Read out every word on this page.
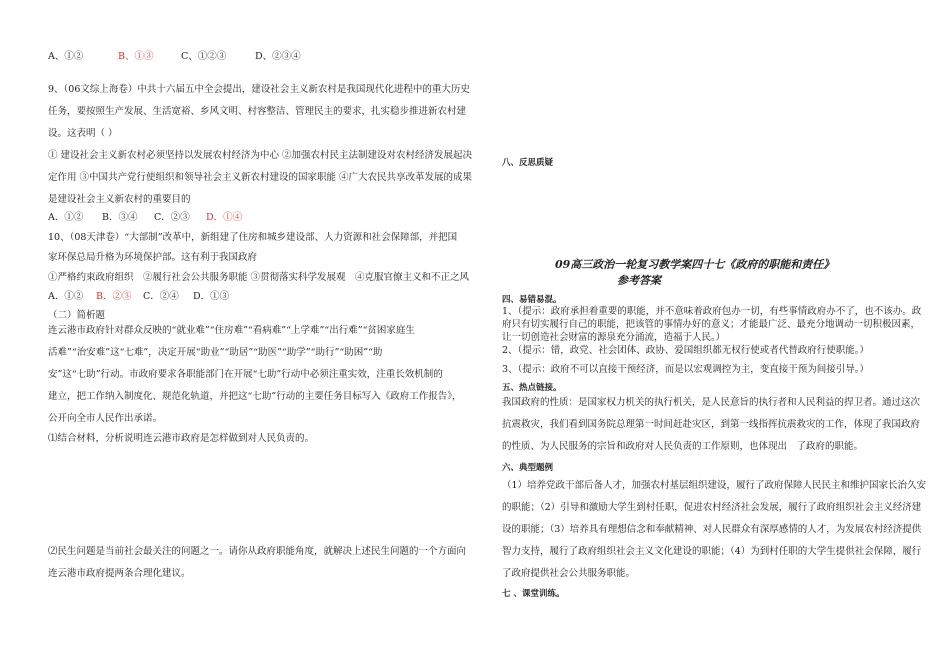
A、①②	B、①③	C、①②③	D、②③④
9、（06文综上海卷）中共十六届五中全会提出，建设社会主义新农村是我国现代化进程中的重大历史
任务，要按照生产发展、生活宽裕、乡风文明、村容整洁、管理民主的要求，扎实稳步推进新农村建
设。这表明（ ）
① 建设社会主义新农村必须坚持以发展农村经济为中心 ②加强农村民主法制建设对农村经济发展起决
定作用 ③中国共产党行使组织和领导社会主义新农村建设的国家职能 ④广大农民共享改革发展的成果
是建设社会主义新农村的重要目的
A．①② B．③④ C．②③ D．①④
10、（08天津卷）“大部制”改革中，新组建了住房和城乡建设部、人力资源和社会保障部，并把国
家环保总局升格为环境保护部。这有利于我国政府
①严格约束政府组织　②履行社会公共服务职能 ③贯彻落实科学发展观　④克服官僚主义和不正之风
A．①② B．②③ C．②④ D．①③
（二）简析题
连云港市政府针对群众反映的“就业难”“住房难”“看病难”“上学难”“出行难”“贫困家庭生
活难”“治安难”这“七难”，决定开展“助业”“助居”“助医”“助学”“助行”“助困”“助
安”这“七助”行动。市政府要求各职能部门在开展“七助”行动中必须注重实效，注重长效机制的
建立，把工作纳入制度化、规范化轨道，并把这“七助”行动的主要任务目标写入《政府工作报告》，
公开向全市人民作出承诺。
⑴结合材料，分析说明连云港市政府是怎样做到对人民负责的。
⑵民生问题是当前社会最关注的问题之一。请你从政府职能角度，就解决上述民生问题的一个方面向
连云港市政府提两条合理化建议。
八、反思质疑
09高三政治一轮复习教学案四十七《政府的职能和责任》
参考答案
四、易错易混。
1、（提示：政府承担着重要的职能，并不意味着政府包办一切，有些事情政府办不了，也不该办。政
府只有切实履行自己的职能，把该管的事情办好的意义；才能最广泛、最充分地调动一切积极因素，
让一切创造社会财富的源泉充分涌流，造福于人民。）
2、（提示：错，政党、社会团体、政协、爱国组织都无权行使或者代替政府行使职能。）
3、（提示：政府不可以直接干预经济，而是以宏观调控为主，变直接干预为间接引导。）
五、热点链接。
我国政府的性质：是国家权力机关的执行机关，是人民意旨的执行者和人民利益的捍卫者。通过这次
抗震救灾，我们看到国务院总理第一时间赶赴灾区，到第一线指挥抗震救灾的工作，体现了我国政府
的性质、为人民服务的宗旨和政府对人民负责的工作原则，也体现出　了政府的职能。
六、典型题例
（1）培养党政干部后备人才，加强农村基层组织建设，履行了政府保障人民民主和维护国家长治久安
的职能；（2）引导和激励大学生到村任职，促进农村经济社会发展，履行了政府组织社会主义经济建
设的职能；（3）培养具有理想信念和奉献精神、对人民群众有深厚感情的人才，为发展农村经济提供
智力支持，履行了政府组织社会主义文化建设的职能；（4）为到村任职的大学生提供社会保障，履行
了政府提供社会公共服务职能。
七 、课堂训练。
